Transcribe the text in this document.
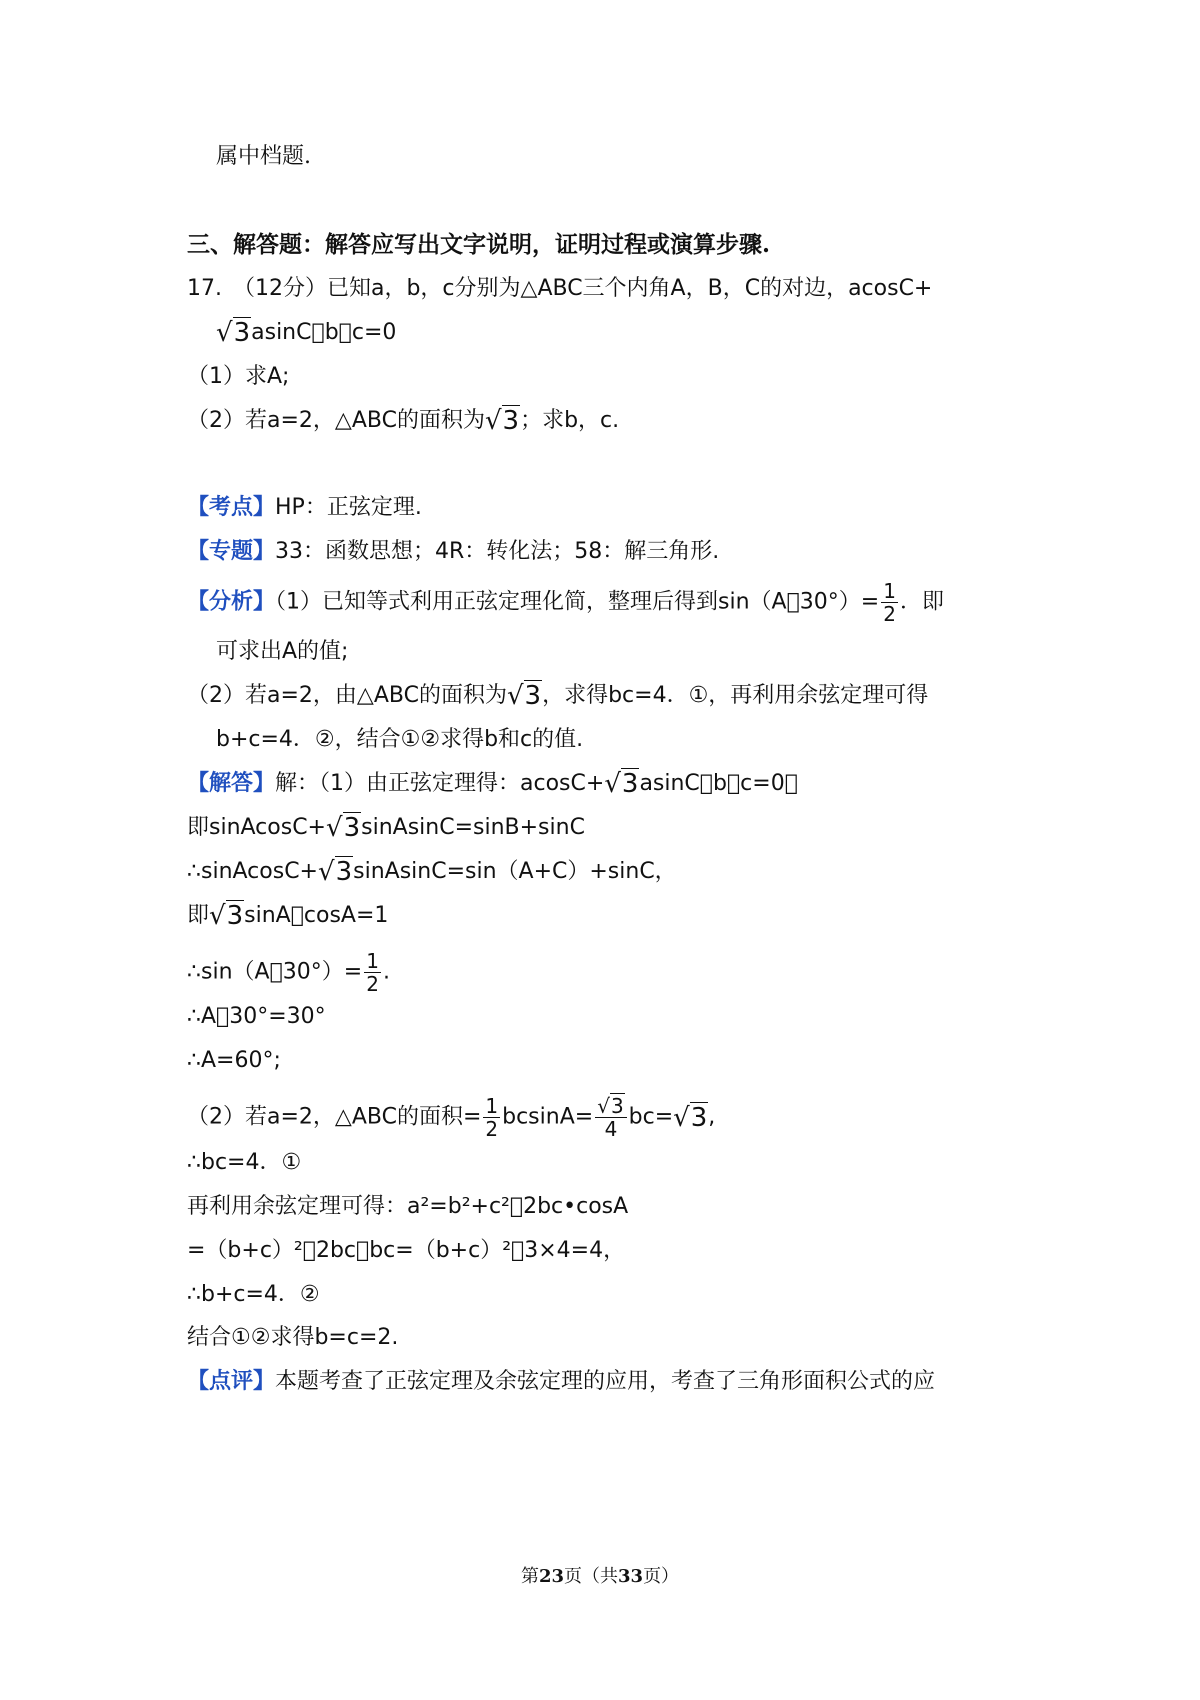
属中档题.
三、解答题：解答应写出文字说明，证明过程或演算步骤.
17.　（12分）已知a，b，c分别为△ABC三个内角A，B，C的对边，acosC+
√3asinC b c=0
（1）求A;
（2）若a=2，△ABC的面积为√3；求b，c.
【考点】HP：正弦定理.
【专题】33：函数思想；4R：转化法；58：解三角形.
【分析】（1）已知等式利用正弦定理化简，整理后得到sin（A 30°）= $\frac{1}{2}$ ．即
可求出A的值;
（2）若a=2，由△ABC的面积为√3，求得bc=4．①，再利用余弦定理可得
b+c=4．②，结合①②求得b和c的值.
【解答】解：（1）由正弦定理得：acosC+√3asinC b c=0，
即sinAcosC+√3sinAsinC=sinB+sinC
∴sinAcosC+√3sinAsinC=sin（A+C）+sinC，
即√3sinA cosA=1
∴sin（A 30°）= $\frac{1}{2}$ .
∴A 30°=30°
∴A=60°;
（2）若a=2，△ABC的面积= $\frac{1}{2} bcsinA= \frac{√3}{4} bc=√3$,
∴bc=4．①
再利用余弦定理可得：a²=b²+c² 2bc•cosA
=（b+c）² 2bc bc=（b+c）² 3×4=4，
∴b+c=4．②
结合①②求得b=c=2.
【点评】本题考查了正弦定理及余弦定理的应用，考查了三角形面积公式的应
第23页（共33页）
